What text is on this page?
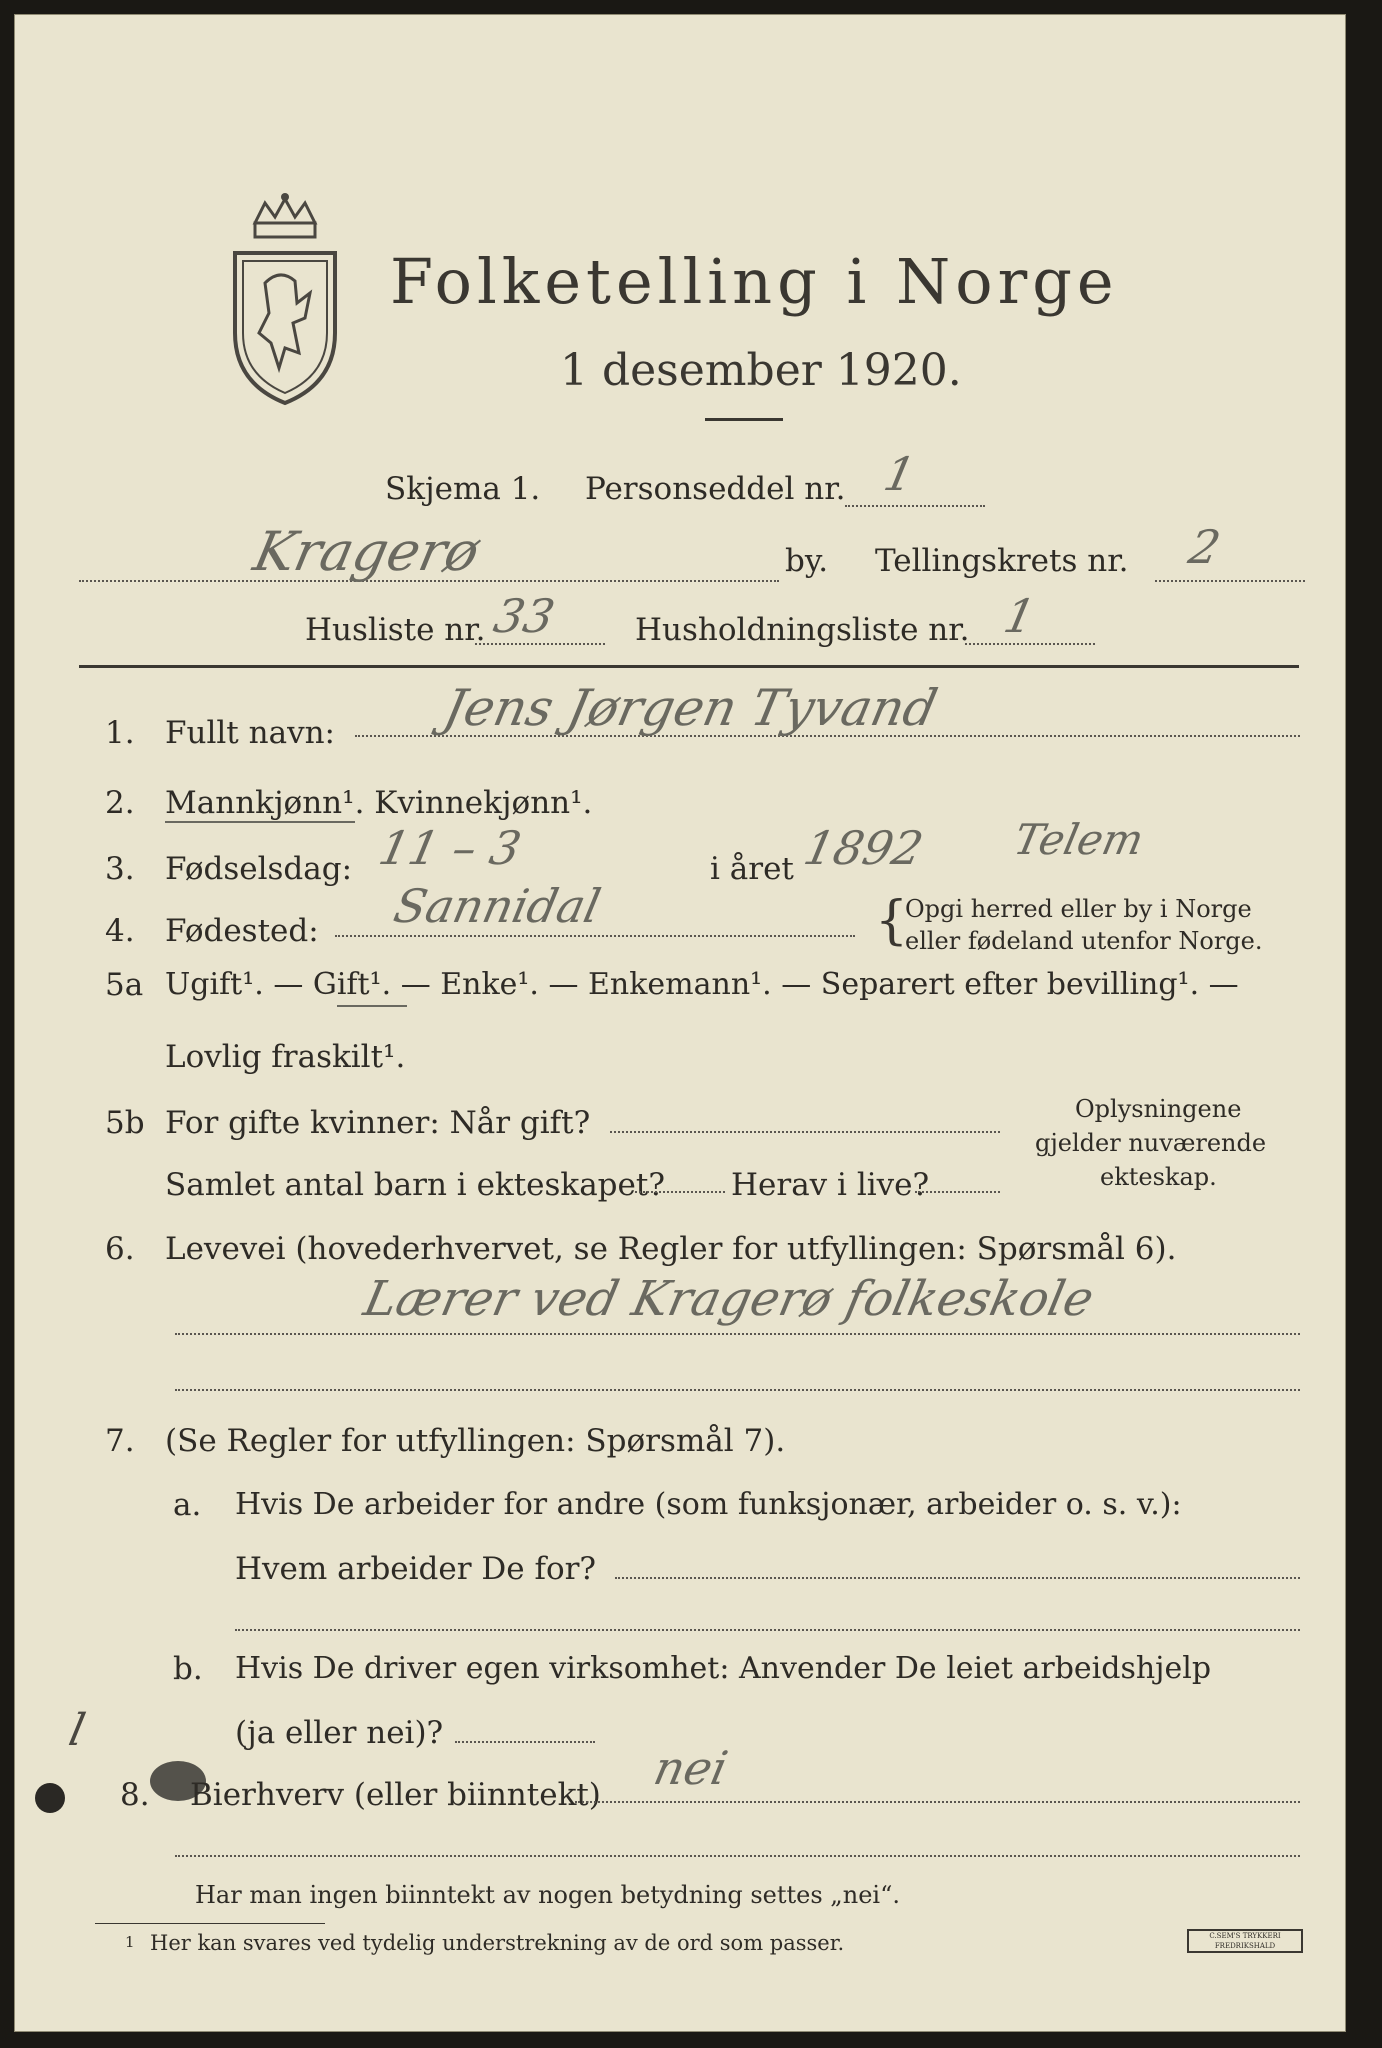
Folketelling i Norge
1 desember 1920.
Skjema 1. Personseddel nr. 1
Kragerø	by. Tellingskrets nr. 2
Husliste nr. 33 Husholdningsliste nr. 1
1. Fullt navn: Jens Jørgen Tyvand
2. Mannkjønn¹. Kvinnekjønn¹.
3. Fødselsdag: 11 – 3	i året 1892 Telem
4. Fødested: Sannidal	{
Opgi herred eller by i Norge
eller fødeland utenfor Norge.
5a Ugift¹. — Gift¹. — Enke¹. — Enkemann¹. — Separert efter bevilling¹. —
Lovlig fraskilt¹.
5b For gifte kvinner: Når gift?
Samlet antal barn i ekteskapet? Herav i live?
Oplysningene
gjelder nuværende
ekteskap.
6. Levevei (hovederhvervet, se Regler for utfyllingen: Spørsmål 6).
Lærer ved Kragerø folkeskole
7. (Se Regler for utfyllingen: Spørsmål 7).
a. Hvis De arbeider for andre (som funksjonær, arbeider o. s. v.):
Hvem arbeider De for?
b. Hvis De driver egen virksomhet: Anvender De leiet arbeidshjelp
(ja eller nei)?
l
8. Bierhverv (eller biinntekt) nei
Har man ingen biinntekt av nogen betydning settes „nei“.
1 Her kan svares ved tydelig understrekning av de ord som passer.	C.SEM'S TRYKKERI FREDRIKSHALD
